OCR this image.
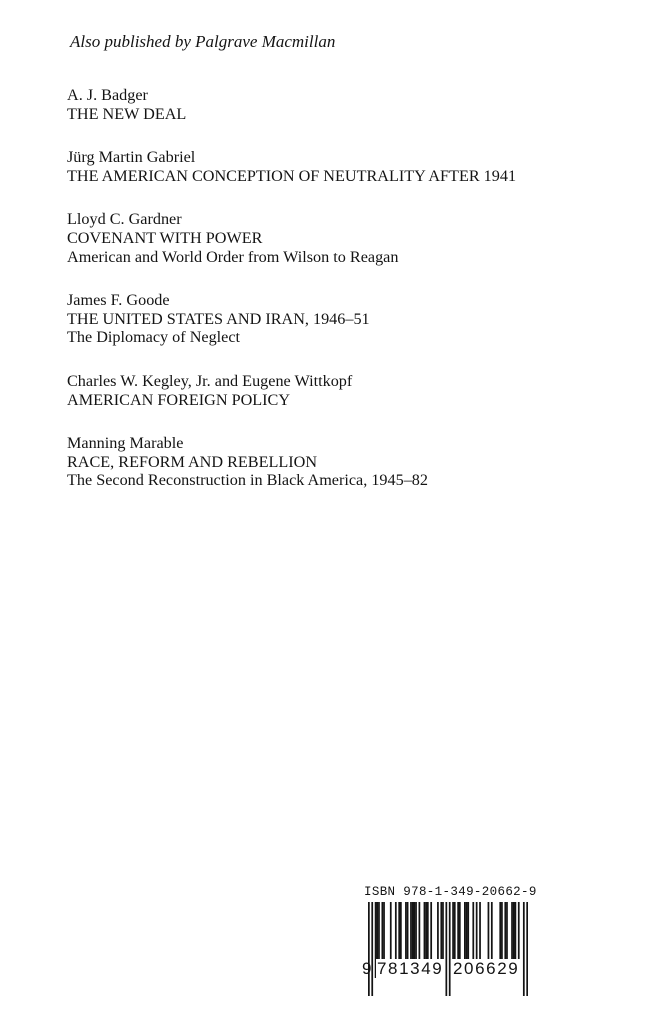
Also published by Palgrave Macmillan
A. J. Badger
THE NEW DEAL
Jürg Martin Gabriel
THE AMERICAN CONCEPTION OF NEUTRALITY AFTER 1941
Lloyd C. Gardner
COVENANT WITH POWER
American and World Order from Wilson to Reagan
James F. Goode
THE UNITED STATES AND IRAN, 1946–51
The Diplomacy of Neglect
Charles W. Kegley, Jr. and Eugene Wittkopf
AMERICAN FOREIGN POLICY
Manning Marable
RACE, REFORM AND REBELLION
The Second Reconstruction in Black America, 1945–82
ISBN 978-1-349-20662-9
9 781349 206629
